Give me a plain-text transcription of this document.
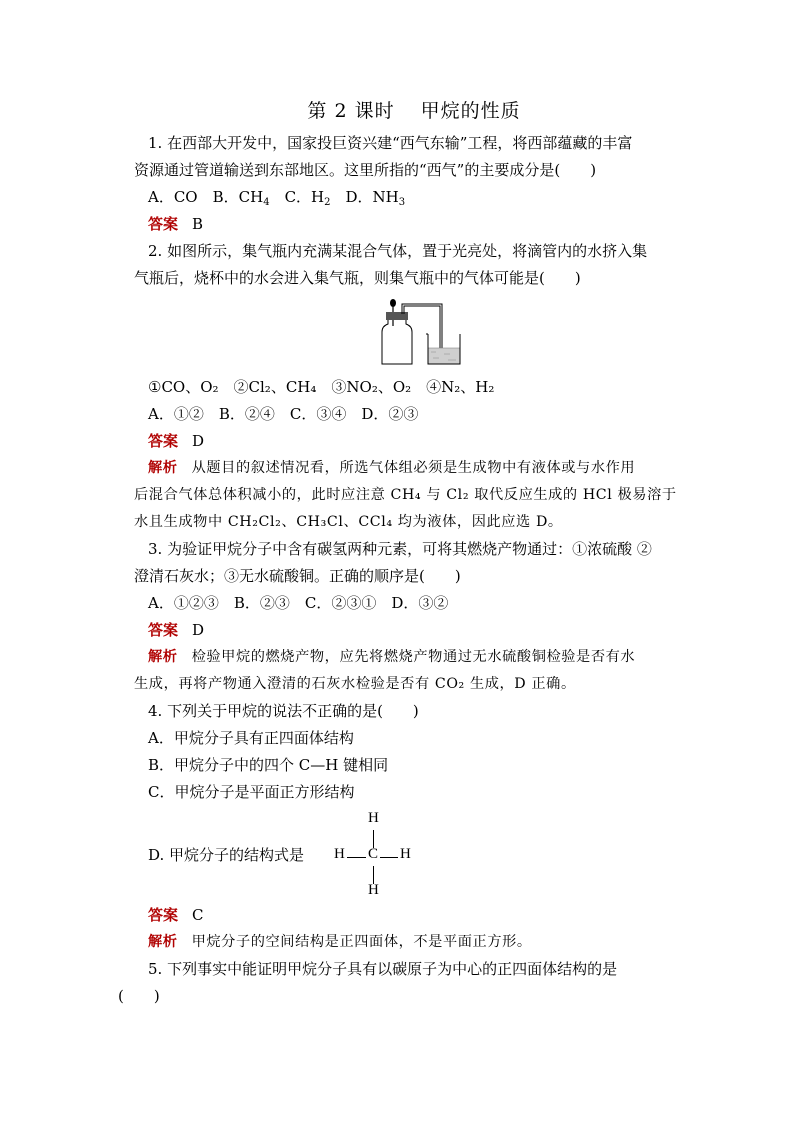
第 2 课时 甲烷的性质
1. 在西部大开发中，国家投巨资兴建“西气东输”工程，将西部蕴藏的丰富
资源通过管道输送到东部地区。这里所指的“西气”的主要成分是(　　)
A．CO　B．$CH_4$　C．$H_2$　D．$NH_3$
答案 B
2. 如图所示，集气瓶内充满某混合气体，置于光亮处，将滴管内的水挤入集
气瓶后，烧杯中的水会进入集气瓶，则集气瓶中的气体可能是(　　)
①CO、O₂　②Cl₂、CH₄　③NO₂、O₂　④N₂、H₂
A．①②　B．②④　C．③④　D．②③
答案 D
解析 从题目的叙述情况看，所选气体组必须是生成物中有液体或与水作用
后混合气体总体积减小的，此时应注意 CH₄ 与 Cl₂ 取代反应生成的 HCl 极易溶于
水且生成物中 CH₂Cl₂、CH₃Cl、CCl₄ 均为液体，因此应选 D。
3. 为验证甲烷分子中含有碳氢两种元素，可将其燃烧产物通过：①浓硫酸 ②
澄清石灰水；③无水硫酸铜。正确的顺序是(　　)
A．①②③　B．②③　C．②③①　D．③②
答案 D
解析 检验甲烷的燃烧产物，应先将燃烧产物通过无水硫酸铜检验是否有水
生成，再将产物通入澄清的石灰水检验是否有 CO₂ 生成，D 正确。
4. 下列关于甲烷的说法不正确的是(　　)
A．甲烷分子具有正四面体结构
B．甲烷分子中的四个 C—H 键相同
C．甲烷分子是平面正方形结构
D. 甲烷分子的结构式是
H
H C H
H
答案 C
解析 甲烷分子的空间结构是正四面体，不是平面正方形。
5. 下列事实中能证明甲烷分子具有以碳原子为中心的正四面体结构的是
(　　)
